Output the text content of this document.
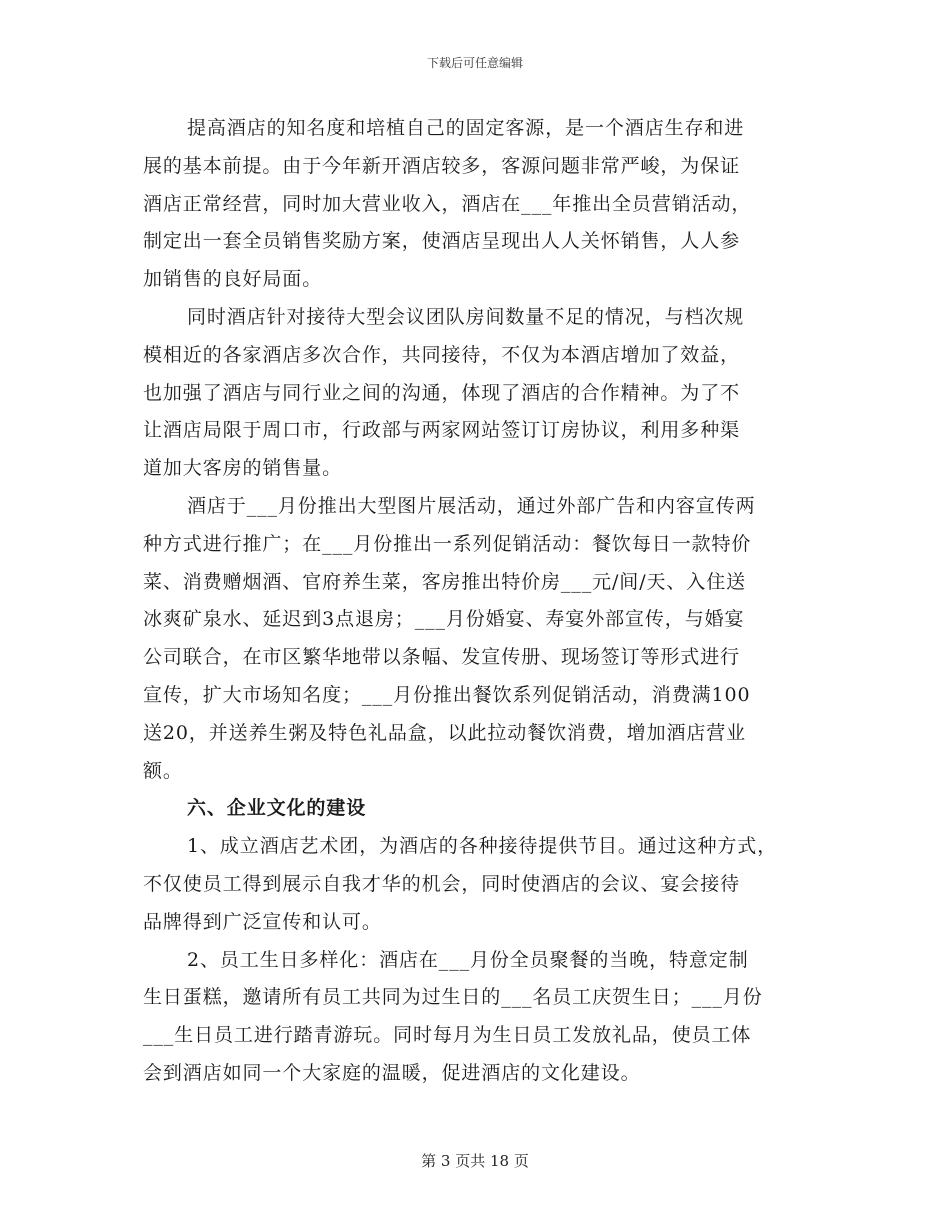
下载后可任意编辑
提高酒店的知名度和培植自己的固定客源，是一个酒店生存和进
展的基本前提。由于今年新开酒店较多，客源问题非常严峻，为保证
酒店正常经营，同时加大营业收入，酒店在___年推出全员营销活动，
制定出一套全员销售奖励方案，使酒店呈现出人人关怀销售，人人参
加销售的良好局面。
同时酒店针对接待大型会议团队房间数量不足的情况，与档次规
模相近的各家酒店多次合作，共同接待，不仅为本酒店增加了效益，
也加强了酒店与同行业之间的沟通，体现了酒店的合作精神。为了不
让酒店局限于周口市，行政部与两家网站签订订房协议，利用多种渠
道加大客房的销售量。
酒店于___月份推出大型图片展活动，通过外部广告和内容宣传两
种方式进行推广；在___月份推出一系列促销活动：餐饮每日一款特价
菜、消费赠烟酒、官府养生菜，客房推出特价房___元/间/天、入住送
冰爽矿泉水、延迟到3点退房；___月份婚宴、寿宴外部宣传，与婚宴
公司联合，在市区繁华地带以条幅、发宣传册、现场签订等形式进行
宣传，扩大市场知名度；___月份推出餐饮系列促销活动，消费满100
送20，并送养生粥及特色礼品盒，以此拉动餐饮消费，增加酒店营业
额。
六、企业文化的建设
1、成立酒店艺术团，为酒店的各种接待提供节目。通过这种方式，
不仅使员工得到展示自我才华的机会，同时使酒店的会议、宴会接待
品牌得到广泛宣传和认可。
2、员工生日多样化：酒店在___月份全员聚餐的当晚，特意定制
生日蛋糕，邀请所有员工共同为过生日的___名员工庆贺生日；___月份
___生日员工进行踏青游玩。同时每月为生日员工发放礼品，使员工体
会到酒店如同一个大家庭的温暖，促进酒店的文化建设。
第 3 页共 18 页
